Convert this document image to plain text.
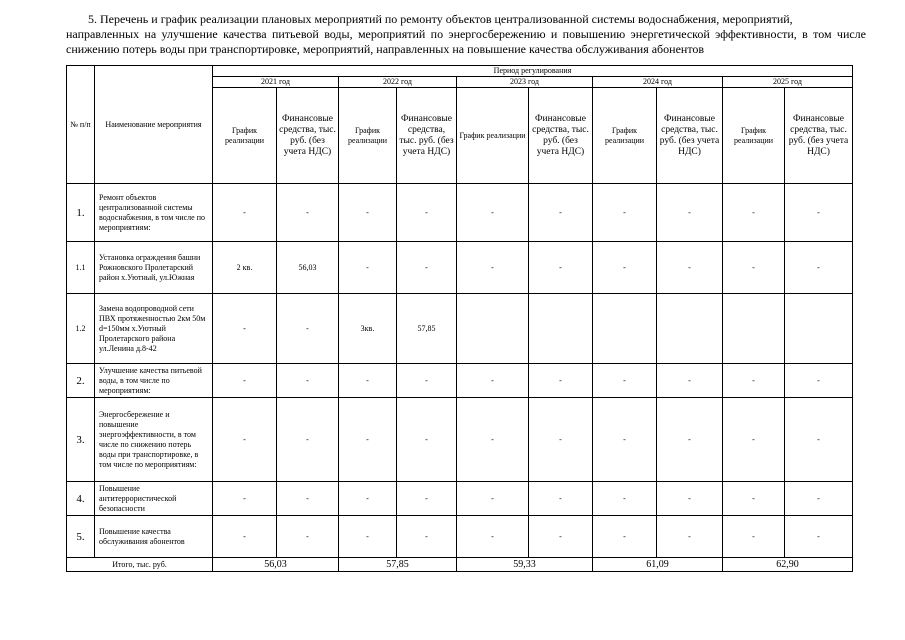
5. Перечень и график реализации плановых мероприятий по ремонту объектов централизованной системы водоснабжения, мероприятий,
направленных на улучшение качества питьевой воды, мероприятий по энергосбережению и повышению энергетической эффективности, в том числе снижению потерь воды при транспортировке, мероприятий, направленных на повышение качества обслуживания абонентов
№ п/п	Наименование мероприятия	Период регулирования									
		2021 год		2022 год		2023 год		2024 год		2025 год	
		График реализации	Финансовые средства, тыс. руб. (без учета НДС)	График реализации	Финансовые средства, тыс. руб. (без учета НДС)	График реализации	Финансовые средства, тыс. руб. (без учета НДС)	График реализации	Финансовые средства, тыс. руб. (без учета НДС)	График реализации	Финансовые средства, тыс. руб. (без учета НДС)
1.	Ремонт объектов централизованной системы водоснабжения, в том числе по мероприятиям:	-	-	-	-	-	-	-	-	-	-
1.1	Установка ограждения башни Рожновского Пролетарский район х.Уютный, ул.Южная	2 кв.	56,03	-	-	-	-	-	-	-	-
1.2	Замена водопроводной сети ПВХ протяженностью 2км 50м d=150мм х.Уютный Пролетарского района ул.Ленина д.8-42	-	-	3кв.	57,85						
2.	Улучшение качества питьевой воды, в том числе по мероприятиям:	-	-	-	-	-	-	-	-	-	-
3.	Энергосбережение и повышение энергоэффективности, в том числе по снижению потерь воды при транспортировке, в том числе по мероприятиям:	-	-	-	-	-	-	-	-	-	-
4.	Повышение антитеррористической безопасности	-	-	-	-	-	-	-	-	-	-
5.	Повышение качества обслуживания абонентов	-	-	-	-	-	-	-	-	-	-
Итого, тыс. руб.		56,03		57,85		59,33		61,09		62,90	
